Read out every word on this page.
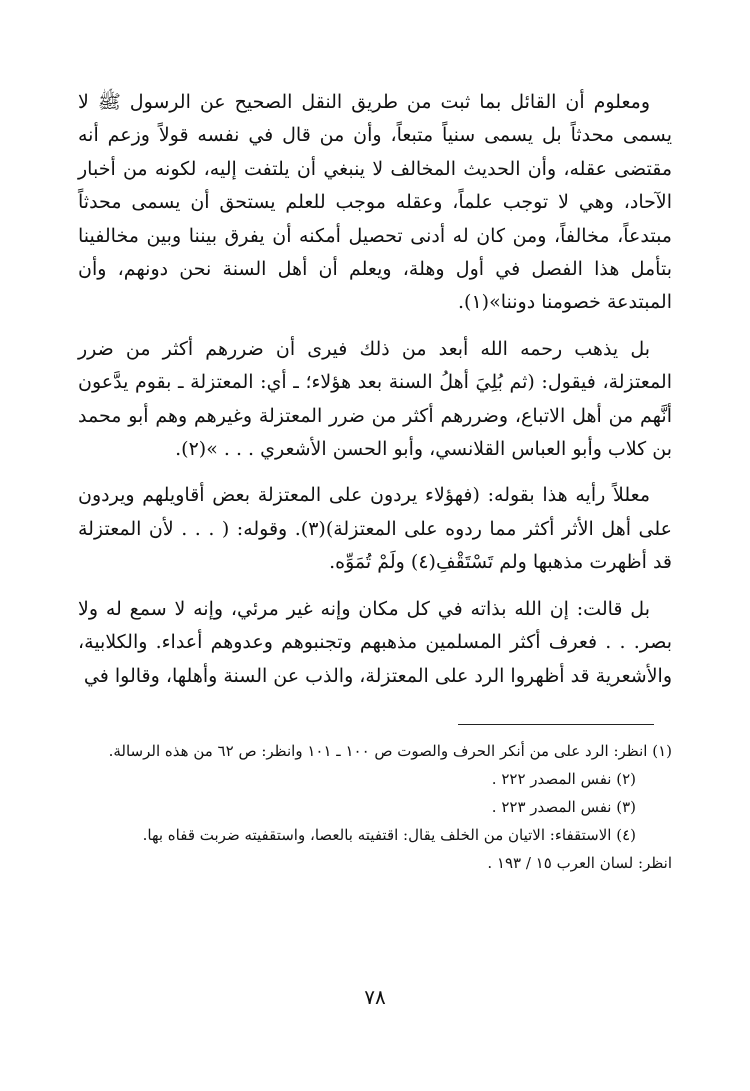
ومعلوم أن القائل بما ثبت من طريق النقل الصحيح عن الرسول ﷺ لا يسمى محدثاً بل يسمى سنياً متبعاً، وأن من قال في نفسه قولاً وزعم أنه مقتضى عقله، وأن الحديث المخالف لا ينبغي أن يلتفت إليه، لكونه من أخبار الآحاد، وهي لا توجب علماً، وعقله موجب للعلم يستحق أن يسمى محدثاً مبتدعاً، مخالفاً، ومن كان له أدنى تحصيل أمكنه أن يفرق بيننا وبين مخالفينا بتأمل هذا الفصل في أول وهلة، ويعلم أن أهل السنة نحن دونهم، وأن المبتدعة خصومنا دوننا»(١).

بل يذهب رحمه الله أبعد من ذلك فيرى أن ضررهم أكثر من ضرر المعتزلة، فيقول: (ثم بُلِيَ أهلُ السنة بعد هؤلاء؛ ـ أي: المعتزلة ـ بقوم يدَّعون أنَّهم من أهل الاتباع، وضررهم أكثر من ضرر المعتزلة وغيرهم وهم أبو محمد بن كلاب وأبو العباس القلانسي، وأبو الحسن الأشعري . . . »(٢).

معللاً رأيه هذا بقوله: (فهؤلاء يردون على المعتزلة بعض أقاويلهم ويردون على أهل الأثر أكثر مما ردوه على المعتزلة)(٣). وقوله: ( . . . لأن المعتزلة قد أظهرت مذهبها ولم تَسْتَقْفِ(٤) ولَمْ تُمَوِّه.

بل قالت: إن الله بذاته في كل مكان وإنه غير مرئي، وإنه لا سمع له ولا بصر. . . فعرف أكثر المسلمين مذهبهم وتجنبوهم وعدوهم أعداء. والكلابية، والأشعرية قد أظهروا الرد على المعتزلة، والذب عن السنة وأهلها، وقالوا في

(١) انظر: الرد على من أنكر الحرف والصوت ص ١٠٠ ـ ١٠١ وانظر: ص ٦٢ من هذه الرسالة.

(٢) نفس المصدر ٢٢٢ .

(٣) نفس المصدر ٢٢٣ .

(٤) الاستقفاء: الاتيان من الخلف يقال: اقتفيته بالعصا، واستقفيته ضربت قفاه بها.

انظر: لسان العرب ١٥ / ١٩٣ .

٧٨
